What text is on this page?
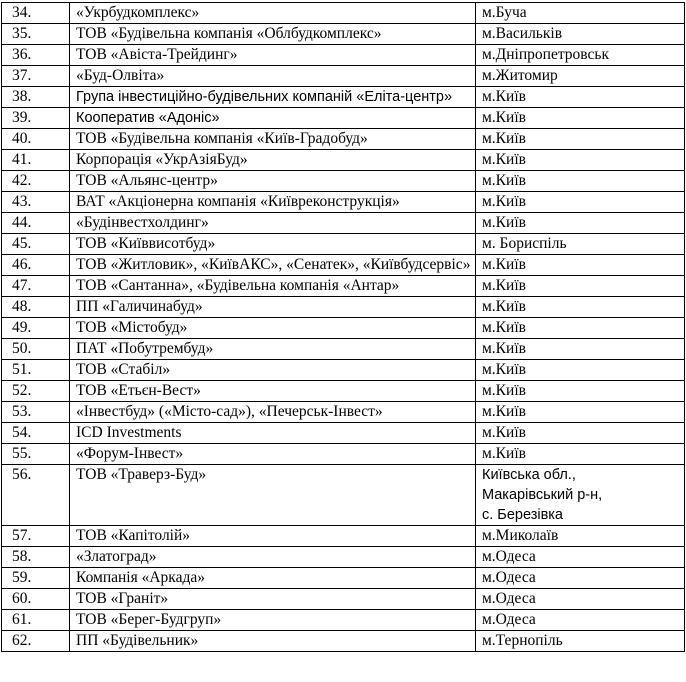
34.	«Укрбудкомплекс»	м.Буча
35.	ТОВ «Будівельна компанія «Облбудкомплекс»	м.Васильків
36.	ТОВ «Авіста-Трейдинг»	м.Дніпропетровськ
37.	«Буд-Олвіта»	м.Житомир
38.	Група інвестиційно-будівельних компаній «Еліта-центр»	м.Київ
39.	Кооператив «Адоніс»	м.Київ
40.	ТОВ «Будівельна компанія «Київ-Градобуд»	м.Київ
41.	Корпорація «УкрАзіяБуд»	м.Київ
42.	ТОВ «Альянс-центр»	м.Київ
43.	ВАТ «Акціонерна компанія «Київреконструкція»	м.Київ
44.	«Будінвестхолдинг»	м.Київ
45.	ТОВ «Київвисотбуд»	м. Бориспіль
46.	ТОВ «Житловик», «КиївАКС», «Сенатек», «Київбудсервіс»	м.Київ
47.	ТОВ «Сантанна», «Будівельна компанія «Антар»	м.Київ
48.	ПП «Галичинабуд»	м.Київ
49.	ТОВ «Містобуд»	м.Київ
50.	ПАТ «Побутрембуд»	м.Київ
51.	ТОВ «Стабіл»	м.Київ
52.	ТОВ «Етьєн-Вест»	м.Київ
53.	«Інвестбуд» («Місто-сад»), «Печерськ-Інвест»	м.Київ
54.	ICD Investments	м.Київ
55.	«Форум-Інвест»	м.Київ
56.	ТОВ «Траверз-Буд»	Київська обл.,
Макарівський р-н,
с. Березівка

57.	ТОВ «Капітолій»	м.Миколаїв
58.	«Златоград»	м.Одеса
59.	Компанія «Аркада»	м.Одеса
60.	ТОВ «Граніт»	м.Одеса
61.	ТОВ «Берег-Будгруп»	м.Одеса
62.	ПП «Будівельник»	м.Тернопіль
